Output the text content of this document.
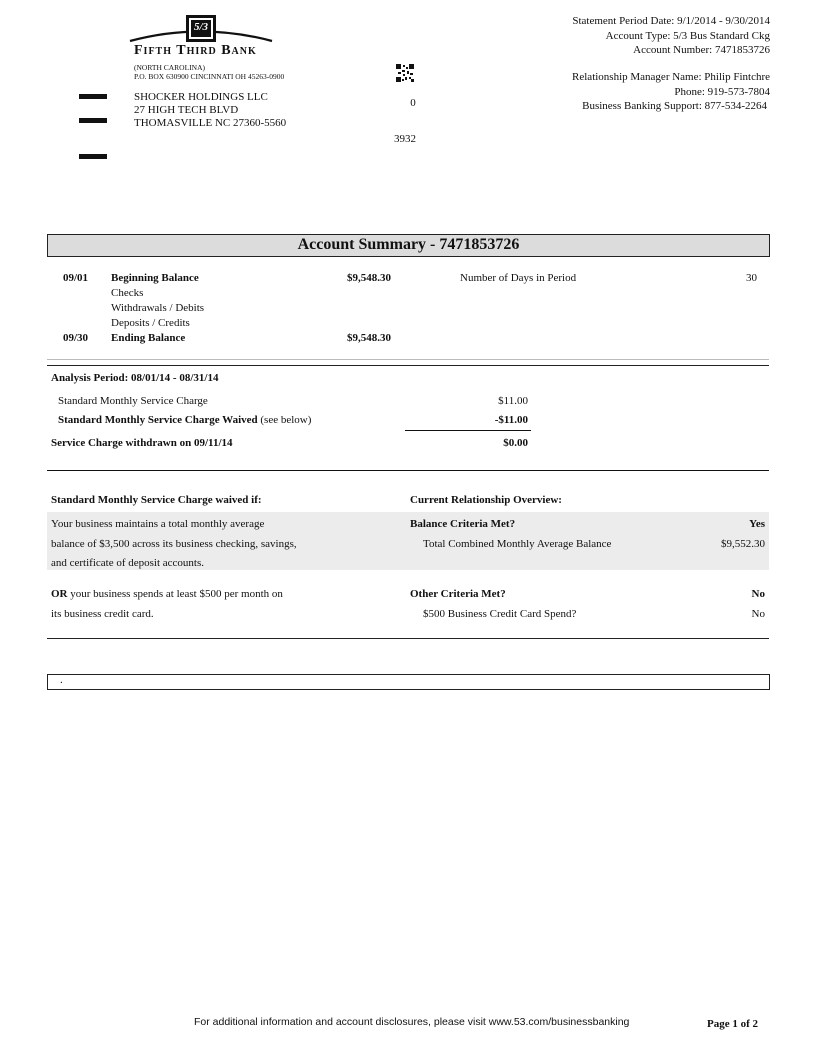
5/3
Fifth Third Bank
(NORTH CAROLINA)
P.O. BOX 630900 CINCINNATI OH 45263-0900
SHOCKER HOLDINGS LLC
27 HIGH TECH BLVD
THOMASVILLE NC 27360-5560
0
3932
Statement Period Date: 9/1/2014 - 9/30/2014
Account Type: 5/3 Bus Standard Ckg
Account Number: 7471853726
Relationship Manager Name: Philip Fintchre
Phone: 919-573-7804
Business Banking Support: 877-534-2264
Account Summary - 7471853726
09/01 Beginning Balance	$9,548.30
Checks
Withdrawals / Debits
Deposits / Credits
09/30 Ending Balance	$9,548.30
Number of Days in Period	30
Analysis Period: 08/01/14 - 08/31/14
Standard Monthly Service Charge	$11.00
Standard Monthly Service Charge Waived (see below)	-$11.00
Service Charge withdrawn on 09/11/14	$0.00
Standard Monthly Service Charge waived if:	Current Relationship Overview:
Your business maintains a total monthly average
balance of $3,500 across its business checking, savings,
and certificate of deposit accounts.
Balance Criteria Met?	Yes
Total Combined Monthly Average Balance	$9,552.30
OR your business spends at least $500 per month on
its business credit card.
Other Criteria Met?	No
$500 Business Credit Card Spend?	No
.
For additional information and account disclosures, please visit www.53.com/businessbanking	Page 1 of 2
